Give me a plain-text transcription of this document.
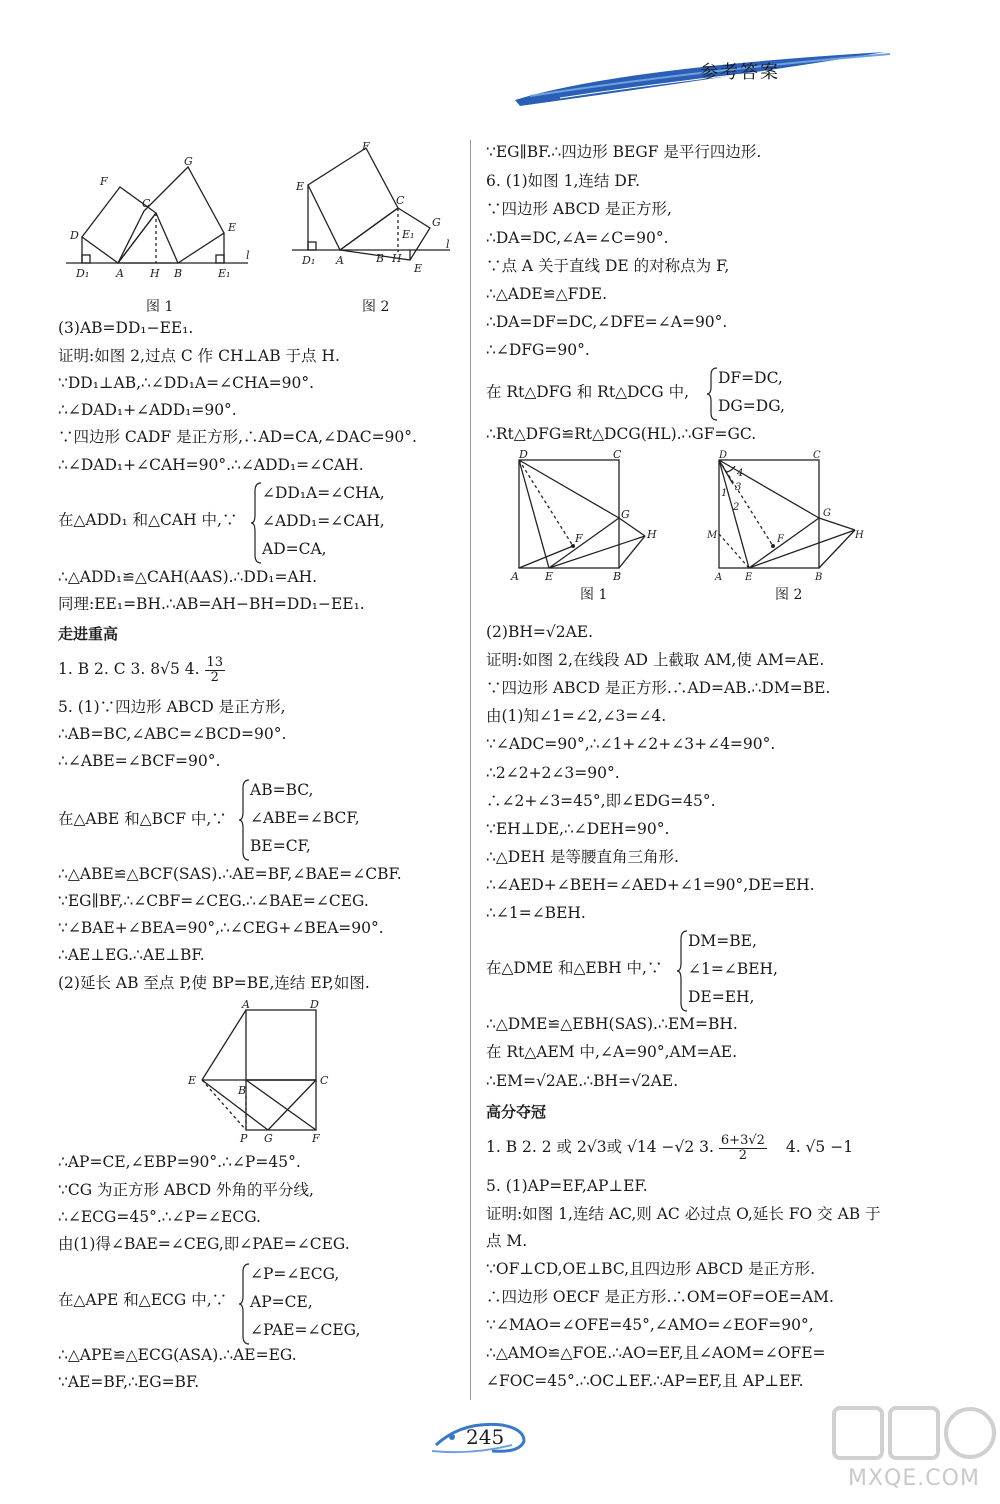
参考答案
D
F
C
G
E
D₁ A H B	E₁
l
图 1
E
F
C
G
E₁
D₁ A	B H
E
l
图 2
(3)AB=DD₁−EE₁.
证明:如图 2,过点 C 作 CH⊥AB 于点 H.
∵DD₁⊥AB,∴∠DD₁A=∠CHA=90°.
∴∠DAD₁+∠ADD₁=90°.
∵四边形 CADF 是正方形,∴AD=CA,∠DAC=90°.
∴∠DAD₁+∠CAH=90°.∴∠ADD₁=∠CAH.
在△ADD₁ 和△CAH 中,∵
∠DD₁A=∠CHA,
∠ADD₁=∠CAH,
AD=CA,
∴△ADD₁≌△CAH(AAS).∴DD₁=AH.
同理:EE₁=BH.∴AB=AH−BH=DD₁−EE₁.
走进重高
1. B 2. C 3. 8√5 4. $\frac{13}{2}$
5. (1)∵四边形 ABCD 是正方形,
∴AB=BC,∠ABC=∠BCD=90°.
∴∠ABE=∠BCF=90°.
在△ABE 和△BCF 中,∵
AB=BC,
∠ABE=∠BCF,
BE=CF,
∴△ABE≌△BCF(SAS).∴AE=BF,∠BAE=∠CBF.
∵EG∥BF,∴∠CBF=∠CEG.∴∠BAE=∠CEG.
∵∠BAE+∠BEA=90°,∴∠CEG+∠BEA=90°.
∴AE⊥EG.∴AE⊥BF.
(2)延长 AB 至点 P,使 BP=BE,连结 EP,如图.
A	D
E
B
C
P G	F
∴AP=CE,∠EBP=90°.∴∠P=45°.
∵CG 为正方形 ABCD 外角的平分线,
∴∠ECG=45°.∴∠P=∠ECG.
由(1)得∠BAE=∠CEG,即∠PAE=∠CEG.
在△APE 和△ECG 中,∵
∠P=∠ECG,
AP=CE,
∠PAE=∠CEG,
∴△APE≌△ECG(ASA).∴AE=EG.
∵AE=BF,∴EG=BF.
∵EG∥BF.∴四边形 BEGF 是平行四边形.
6. (1)如图 1,连结 DF.
∵四边形 ABCD 是正方形,
∴DA=DC,∠A=∠C=90°.
∵点 A 关于直线 DE 的对称点为 F,
∴△ADE≌△FDE.
∴DA=DF=DC,∠DFE=∠A=90°.
∴∠DFG=90°.
在 Rt△DFG 和 Rt△DCG 中,
DF=DC,
DG=DG,
∴Rt△DFG≌Rt△DCG(HL).∴GF=GC.
D	C
G
H
F
A E	B
图 1
D	C
G
H
F
M
4
3
1
2
A E	B
图 2
(2)BH=√2AE.
证明:如图 2,在线段 AD 上截取 AM,使 AM=AE.
∵四边形 ABCD 是正方形.∴AD=AB.∴DM=BE.
由(1)知∠1=∠2,∠3=∠4.
∵∠ADC=90°,∴∠1+∠2+∠3+∠4=90°.
∴2∠2+2∠3=90°.
∴∠2+∠3=45°,即∠EDG=45°.
∵EH⊥DE,∴∠DEH=90°.
∴△DEH 是等腰直角三角形.
∴∠AED+∠BEH=∠AED+∠1=90°,DE=EH.
∴∠1=∠BEH.
在△DME 和△EBH 中,∵
DM=BE,
∠1=∠BEH,
DE=EH,
∴△DME≌△EBH(SAS).∴EM=BH.
在 Rt△AEM 中,∠A=90°,AM=AE.
∴EM=√2AE.∴BH=√2AE.
高分夺冠
1. B 2. 2 或 2√3或 √14 −√2 3. $\frac{6+3√2}{2} 4$. √5 −1
5. (1)AP=EF,AP⊥EF.
证明:如图 1,连结 AC,则 AC 必过点 O,延长 FO 交 AB 于
点 M.
∵OF⊥CD,OE⊥BC,且四边形 ABCD 是正方形.
∴四边形 OECF 是正方形.∴OM=OF=OE=AM.
∵∠MAO=∠OFE=45°,∠AMO=∠EOF=90°,
∴△AMO≌△FOE.∴AO=EF,且∠AOM=∠OFE=
∠FOC=45°.∴OC⊥EF.∴AP=EF,且 AP⊥EF.
245
MXQE.COM
